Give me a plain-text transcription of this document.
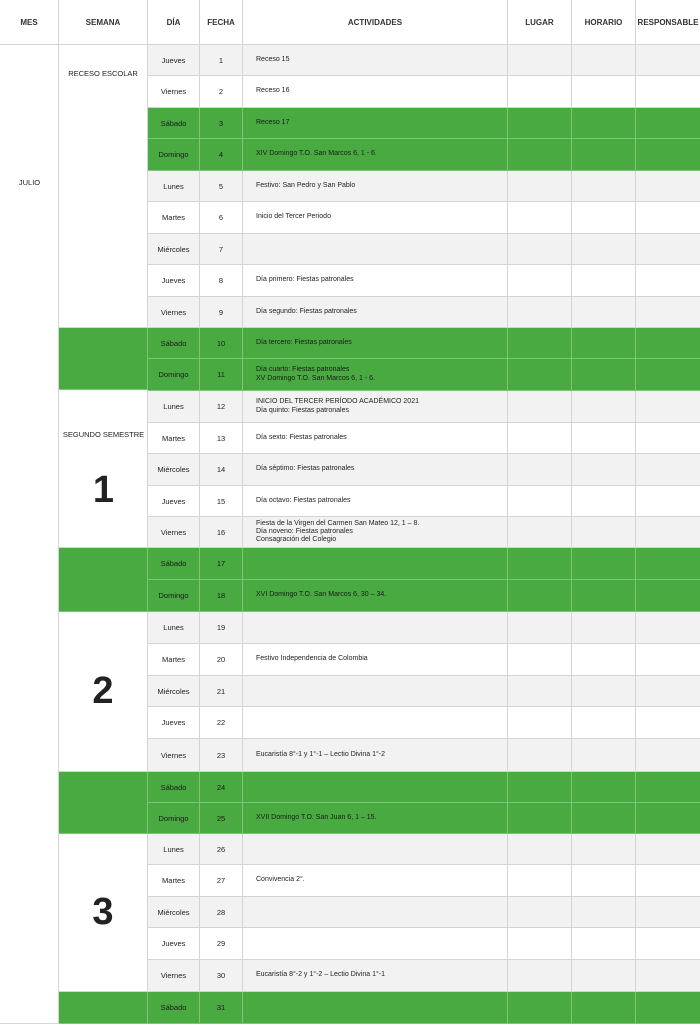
MES	SEMANA	DÍA	FECHA	ACTIVIDADES	LUGAR	HORARIO	RESPONSABLE
JULIO
RECESO ESCOLAR
SEGUNDO SEMESTRE
1
2
3
Jueves	1	Receso 15
Viernes	2	Receso 16
Sábado	3	Receso 17
Domingo	4	XIV Domingo T.O. San Marcos 6, 1 - 6.
Lunes	5	Festivo: San Pedro y San Pablo
Martes	6	Inicio del Tercer Periodo
Miércoles	7
Jueves	8	Día primero: Fiestas patronales
Viernes	9	Día segundo: Fiestas patronales
Sábado	10	Día tercero: Fiestas patronales
Domingo	11
Día cuarto: Fiestas patronales
XV Domingo T.O. San Marcos 6, 1 - 6.
Lunes	12
INICIO DEL TERCER PERÍODO ACADÉMICO 2021
Día quinto: Fiestas patronales
Martes	13	Día sexto: Fiestas patronales
Miércoles	14	Día séptimo: Fiestas patronales
Jueves	15	Día octavo: Fiestas patronales
Viernes	16
Fiesta de la Virgen del Carmen San Mateo 12, 1 – 8.
Día noveno: Fiestas patronales
Consagración del Colegio
Sábado	17
Domingo	18	XVI Domingo T.O. San Marcos 6, 30 – 34.
Lunes	19
Martes	20	Festivo Independencia de Colombia
Miércoles	21
Jueves	22
Viernes	23	Eucaristía 8°-1 y 1°-1 – Lectio Divina 1°-2
Sábado	24
Domingo	25	XVII Domingo T.O. San Juan 6, 1 – 15.
Lunes	26
Martes	27	Convivencia 2°.
Miércoles	28
Jueves	29
Viernes	30	Eucaristía 8°-2 y 1°-2 – Lectio Divina 1°-1
Sábado	31
